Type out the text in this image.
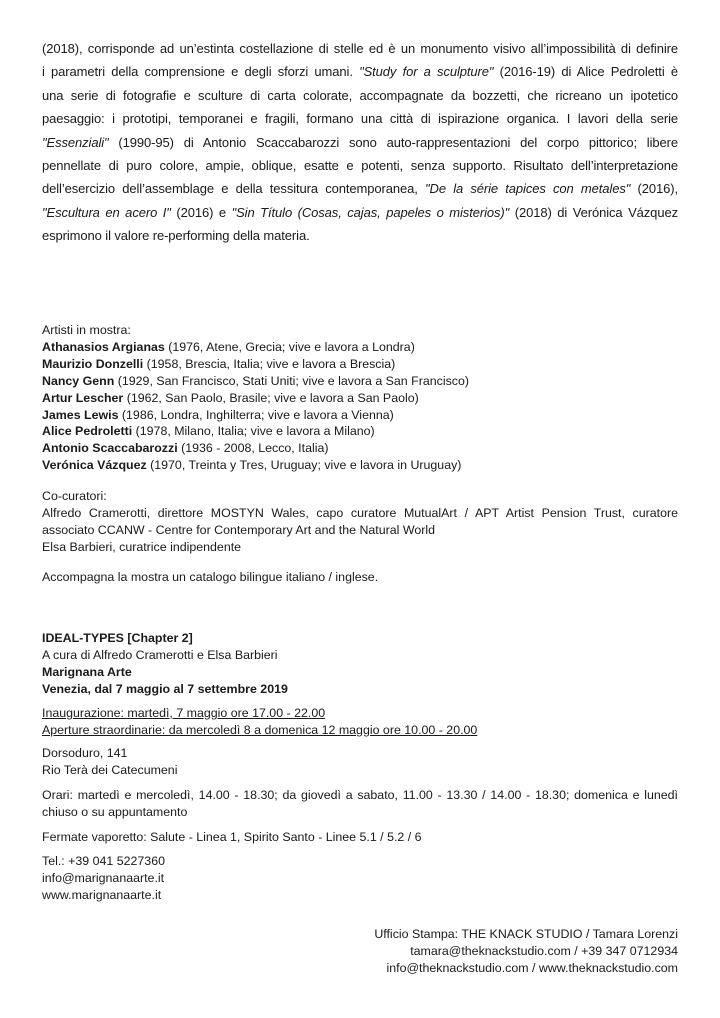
(2018), corrisponde ad un’estinta costellazione di stelle ed è un monumento visivo all’impossibilità di definire
i parametri della comprensione e degli sforzi umani. "Study for a sculpture" (2016-19) di Alice Pedroletti è
una serie di fotografie e sculture di carta colorate, accompagnate da bozzetti, che ricreano un ipotetico
paesaggio: i prototipi, temporanei e fragili, formano una città di ispirazione organica. I lavori della serie
"Essenziali" (1990-95) di Antonio Scaccabarozzi sono auto-rappresentazioni del corpo pittorico; libere
pennellate di puro colore, ampie, oblique, esatte e potenti, senza supporto. Risultato dell’interpretazione
dell’esercizio dell’assemblage e della tessitura contemporanea, "De la série tapices con metales" (2016),
"Escultura en acero I" (2016) e "Sin Título (Cosas, cajas, papeles o misterios)" (2018) di Verónica Vázquez
esprimono il valore re-performing della materia.
Artisti in mostra:
Athanasios Argianas (1976, Atene, Grecia; vive e lavora a Londra)
Maurizio Donzelli (1958, Brescia, Italia; vive e lavora a Brescia)
Nancy Genn (1929, San Francisco, Stati Uniti; vive e lavora a San Francisco)
Artur Lescher (1962, San Paolo, Brasile; vive e lavora a San Paolo)
James Lewis (1986, Londra, Inghilterra; vive e lavora a Vienna)
Alice Pedroletti (1978, Milano, Italia; vive e lavora a Milano)
Antonio Scaccabarozzi (1936 - 2008, Lecco, Italia)
Verónica Vázquez (1970, Treinta y Tres, Uruguay; vive e lavora in Uruguay)
Co-curatori:
Alfredo Cramerotti, direttore MOSTYN Wales, capo curatore MutualArt / APT Artist Pension Trust, curatore
associato CCANW - Centre for Contemporary Art and the Natural World
Elsa Barbieri, curatrice indipendente
Accompagna la mostra un catalogo bilingue italiano / inglese.
IDEAL-TYPES [Chapter 2]
A cura di Alfredo Cramerotti e Elsa Barbieri
Marignana Arte
Venezia, dal 7 maggio al 7 settembre 2019
Inaugurazione: martedì, 7 maggio ore 17.00 - 22.00
Aperture straordinarie: da mercoledì 8 a domenica 12 maggio ore 10.00 - 20.00
Dorsoduro, 141
Rio Terà dei Catecumeni
Orari: martedì e mercoledì, 14.00 - 18.30; da giovedì a sabato, 11.00 - 13.30 / 14.00 - 18.30; domenica e lunedì
chiuso o su appuntamento
Fermate vaporetto: Salute - Linea 1, Spirito Santo - Linee 5.1 / 5.2 / 6
Tel.: +39 041 5227360
info@marignanaarte.it
www.marignanaarte.it
Ufficio Stampa: THE KNACK STUDIO / Tamara Lorenzi
tamara@theknackstudio.com / +39 347 0712934
info@theknackstudio.com / www.theknackstudio.com
